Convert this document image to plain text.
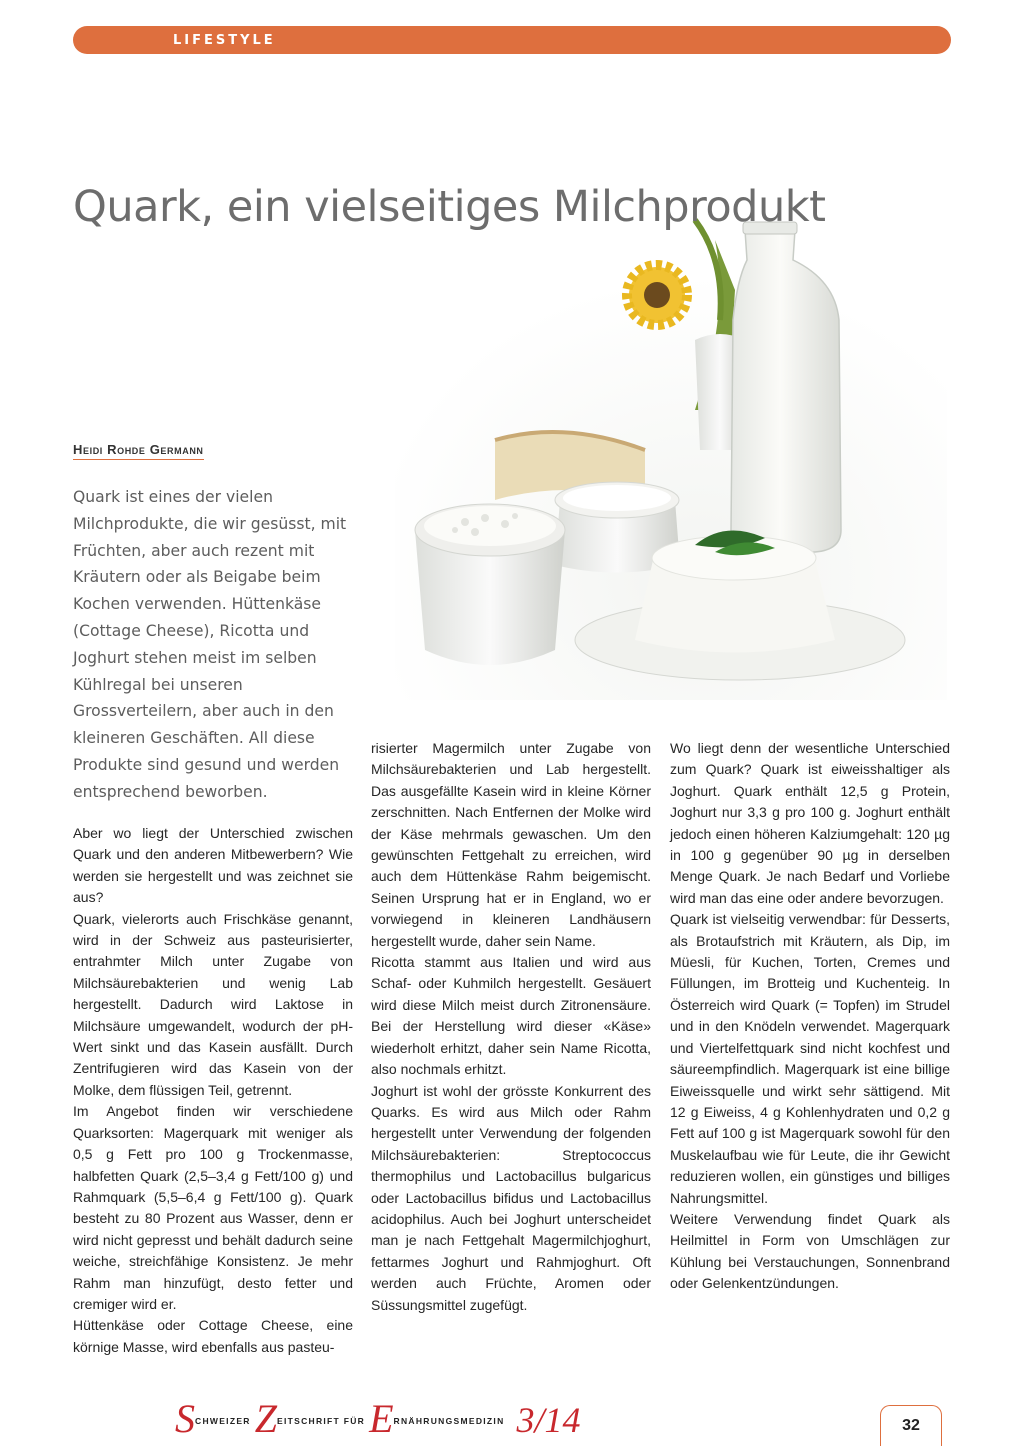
LIFESTYLE
Quark, ein vielseitiges Milchprodukt

Heidi Rohde Germann

Quark ist eines der vielen Milchprodukte, die wir gesüsst, mit Früchten, aber auch rezent mit Kräutern oder als Beigabe beim Kochen verwenden. Hüttenkäse (Cottage Cheese), Ricotta und Joghurt stehen meist im selben Kühlregal bei unseren Grossverteilern, aber auch in den kleineren Geschäften. All diese Produkte sind gesund und werden entsprechend beworben.

Aber wo liegt der Unterschied zwischen Quark und den anderen Mitbewerbern? Wie werden sie hergestellt und was zeichnet sie aus?

Quark, vielerorts auch Frischkäse genannt, wird in der Schweiz aus pasteurisierter, entrahmter Milch unter Zugabe von Milchsäurebakterien und wenig Lab hergestellt. Dadurch wird Laktose in Milchsäure umgewandelt, wodurch der pH-Wert sinkt und das Kasein ausfällt. Durch Zentrifugieren wird das Kasein von der Molke, dem flüssigen Teil, getrennt.

Im Angebot finden wir verschiedene Quarksorten: Magerquark mit weniger als 0,5 g Fett pro 100 g Trockenmasse, halbfetten Quark (2,5–3,4 g Fett/100 g) und Rahmquark (5,5–6,4 g Fett/100 g). Quark besteht zu 80 Prozent aus Wasser, denn er wird nicht gepresst und behält dadurch seine weiche, streichfähige Konsistenz. Je mehr Rahm man hinzufügt, desto fetter und cremiger wird er.

Hüttenkäse oder Cottage Cheese, eine körnige Masse, wird ebenfalls aus pasteu-

risierter Magermilch unter Zugabe von Milchsäurebakterien und Lab hergestellt. Das ausgefällte Kasein wird in kleine Körner zerschnitten. Nach Entfernen der Molke wird der Käse mehrmals gewaschen. Um den gewünschten Fettgehalt zu erreichen, wird auch dem Hüttenkäse Rahm beigemischt. Seinen Ursprung hat er in England, wo er vorwiegend in kleineren Landhäusern hergestellt wurde, daher sein Name.

Ricotta stammt aus Italien und wird aus Schaf- oder Kuhmilch hergestellt. Gesäuert wird diese Milch meist durch Zitronensäure. Bei der Herstellung wird dieser «Käse» wiederholt erhitzt, daher sein Name Ricotta, also nochmals erhitzt.

Joghurt ist wohl der grösste Konkurrent des Quarks. Es wird aus Milch oder Rahm hergestellt unter Verwendung der folgenden Milchsäurebakterien: Streptococcus thermophilus und Lactobacillus bulgaricus oder Lactobacillus bifidus und Lactobacillus acidophilus. Auch bei Joghurt unterscheidet man je nach Fettgehalt Magermilchjoghurt, fettarmes Joghurt und Rahmjoghurt. Oft werden auch Früchte, Aromen oder Süssungsmittel zugefügt.

Wo liegt denn der wesentliche Unterschied zum Quark? Quark ist eiweisshaltiger als Joghurt. Quark enthält 12,5 g Protein, Joghurt nur 3,3 g pro 100 g. Joghurt enthält jedoch einen höheren Kalziumgehalt: 120 µg in 100 g gegenüber 90 µg in derselben Menge Quark. Je nach Bedarf und Vorliebe wird man das eine oder andere bevorzugen.

Quark ist vielseitig verwendbar: für Desserts, als Brotaufstrich mit Kräutern, als Dip, im Müesli, für Kuchen, Torten, Cremes und Füllungen, im Brotteig und Kuchenteig. In Österreich wird Quark (= Topfen) im Strudel und in den Knödeln verwendet. Magerquark und Viertelfettquark sind nicht kochfest und säureempfindlich. Magerquark ist eine billige Eiweissquelle und wirkt sehr sättigend. Mit 12 g Eiweiss, 4 g Kohlenhydraten und 0,2 g Fett auf 100 g ist Magerquark sowohl für den Muskelaufbau wie für Leute, die ihr Gewicht reduzieren wollen, ein günstiges und billiges Nahrungsmittel.

Weitere Verwendung findet Quark als Heilmittel in Form von Umschlägen zur Kühlung bei Verstauchungen, Sonnenbrand oder Gelenkentzündungen.

$S^{CHWEIZER}$ $Z^{EITSCHRIFT FÜR}$ $E^{RNÄHRUNGSMEDIZIN}$ 3/14	32
